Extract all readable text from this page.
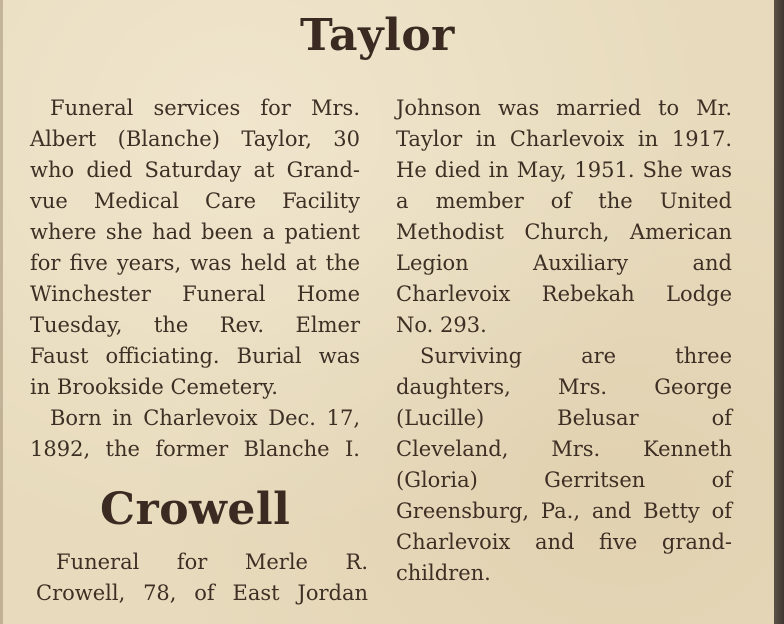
Taylor
Funeral services for Mrs.
Albert (Blanche) Taylor, 30
who died Saturday at Grand-
vue Medical Care Facility
where she had been a patient
for five years, was held at the
Winchester Funeral Home
Tuesday, the Rev. Elmer
Faust officiating. Burial was
in Brookside Cemetery.
Born in Charlevoix Dec. 17,
1892, the former Blanche I.
Crowell
Funeral for Merle R.
Crowell, 78, of East Jordan
Johnson was married to Mr.
Taylor in Charlevoix in 1917.
He died in May, 1951. She was
a member of the United
Methodist Church, American
Legion Auxiliary and
Charlevoix Rebekah Lodge
No. 293.
Surviving are three
daughters, Mrs. George
(Lucille) Belusar of
Cleveland, Mrs. Kenneth
(Gloria) Gerritsen of
Greensburg, Pa., and Betty of
Charlevoix and five grand-
children.
